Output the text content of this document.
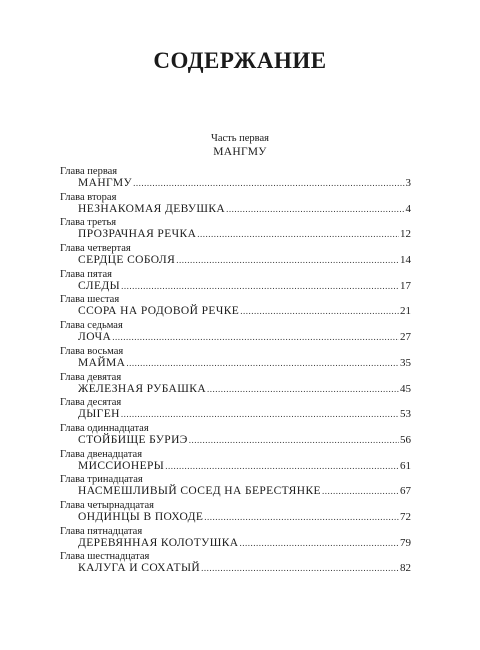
СОДЕРЖАНИЕ
Часть первая
МАНГМУ
Глава первая
МАНГМУ .....	3
Глава вторая
НЕЗНАКОМАЯ ДЕВУШКА .....	4
Глава третья
ПРОЗРАЧНАЯ РЕЧКА .....	12
Глава четвертая
СЕРДЦЕ СОБОЛЯ .....	14
Глава пятая
СЛЕДЫ .....	17
Глава шестая
ССОРА НА РОДОВОЙ РЕЧКЕ .....	21
Глава седьмая
ЛОЧА .....	27
Глава восьмая
МАЙМА .....	35
Глава девятая
ЖЕЛЕЗНАЯ РУБАШКА .....	45
Глава десятая
ДЫГЕН .....	53
Глава одиннадцатая
СТОЙБИЩЕ БУРИЭ .....	56
Глава двенадцатая
МИССИОНЕРЫ .....	61
Глава тринадцатая
НАСМЕШЛИВЫЙ СОСЕД НА БЕРЕСТЯНКЕ .....	67
Глава четырнадцатая
ОНДИНЦЫ В ПОХОДЕ .....	72
Глава пятнадцатая
ДЕРЕВЯННАЯ КОЛОТУШКА .....	79
Глава шестнадцатая
КАЛУГА И СОХАТЫЙ .....	82
